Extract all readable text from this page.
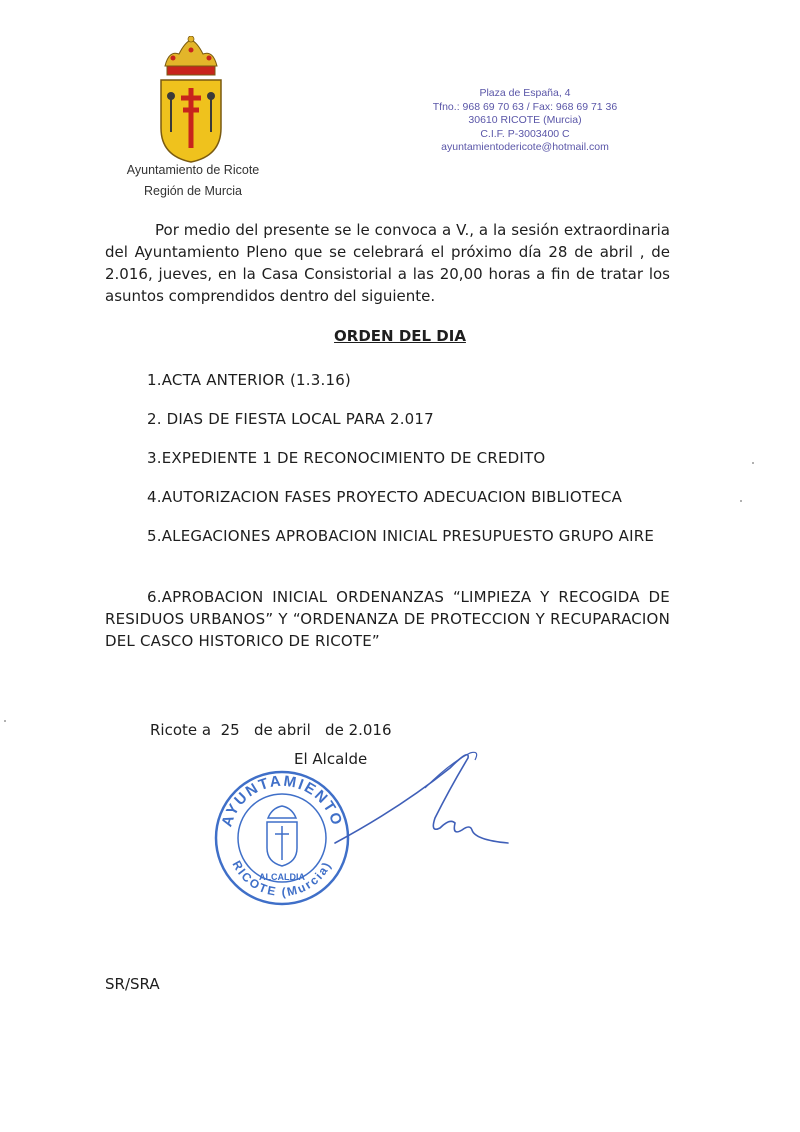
Ayuntamiento de Ricote
Región de Murcia
Plaza de España, 4
Tfno.: 968 69 70 63 / Fax: 968 69 71 36
30610 RICOTE (Murcia)
C.I.F. P-3003400 C
ayuntamientodericote@hotmail.com
Por medio del presente se le convoca a V., a la sesión extraordinaria del Ayuntamiento Pleno que se celebrará el próximo día 28 de abril , de 2.016, jueves, en la Casa Consistorial a las 20,00 horas a fin de tratar los asuntos comprendidos dentro del siguiente.
ORDEN DEL DIA
1.ACTA ANTERIOR (1.3.16)
2. DIAS DE FIESTA LOCAL PARA 2.017
3.EXPEDIENTE 1 DE RECONOCIMIENTO DE CREDITO
4.AUTORIZACION FASES PROYECTO ADECUACION BIBLIOTECA
5.ALEGACIONES APROBACION INICIAL PRESUPUESTO GRUPO AIRE
6.APROBACION INICIAL ORDENANZAS “LIMPIEZA Y RECOGIDA DE RESIDUOS URBANOS” Y “ORDENANZA DE PROTECCION Y RECUPARACION DEL CASCO HISTORICO DE RICOTE”
Ricote a  25   de abril   de 2.016
El Alcalde
AYUNTAMIENTO
RICOTE (Murcia)
ALCALDIA
SR/SRA
